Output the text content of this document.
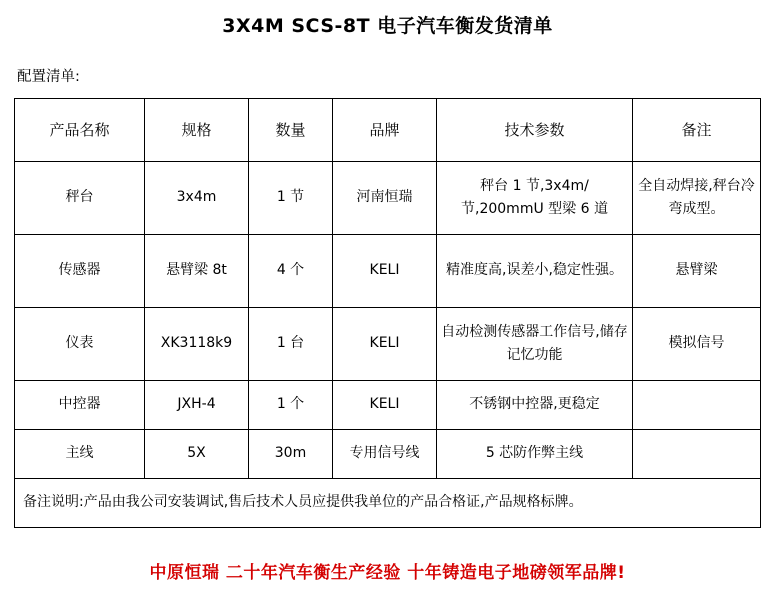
3X4M SCS-8T 电子汽车衡发货清单
配置清单:
产品名称	规格	数量	品牌	技术参数	备注
秤台	3x4m	1 节	河南恒瑞	秤台 1 节,3x4m/节,200mmU 型梁 6 道	全自动焊接,秤台冷弯成型。
传感器	悬臂梁 8t	4 个	KELI	精准度高,误差小,稳定性强。	悬臂梁
仪表	XK3118k9	1 台	KELI	自动检测传感器工作信号,储存记忆功能	模拟信号
中控器	JXH-4	1 个	KELI	不锈钢中控器,更稳定	
主线	5X	30m	专用信号线	5 芯防作弊主线	
备注说明:产品由我公司安装调试,售后技术人员应提供我单位的产品合格证,产品规格标牌。					
中原恒瑞 二十年汽车衡生产经验 十年铸造电子地磅领军品牌!
